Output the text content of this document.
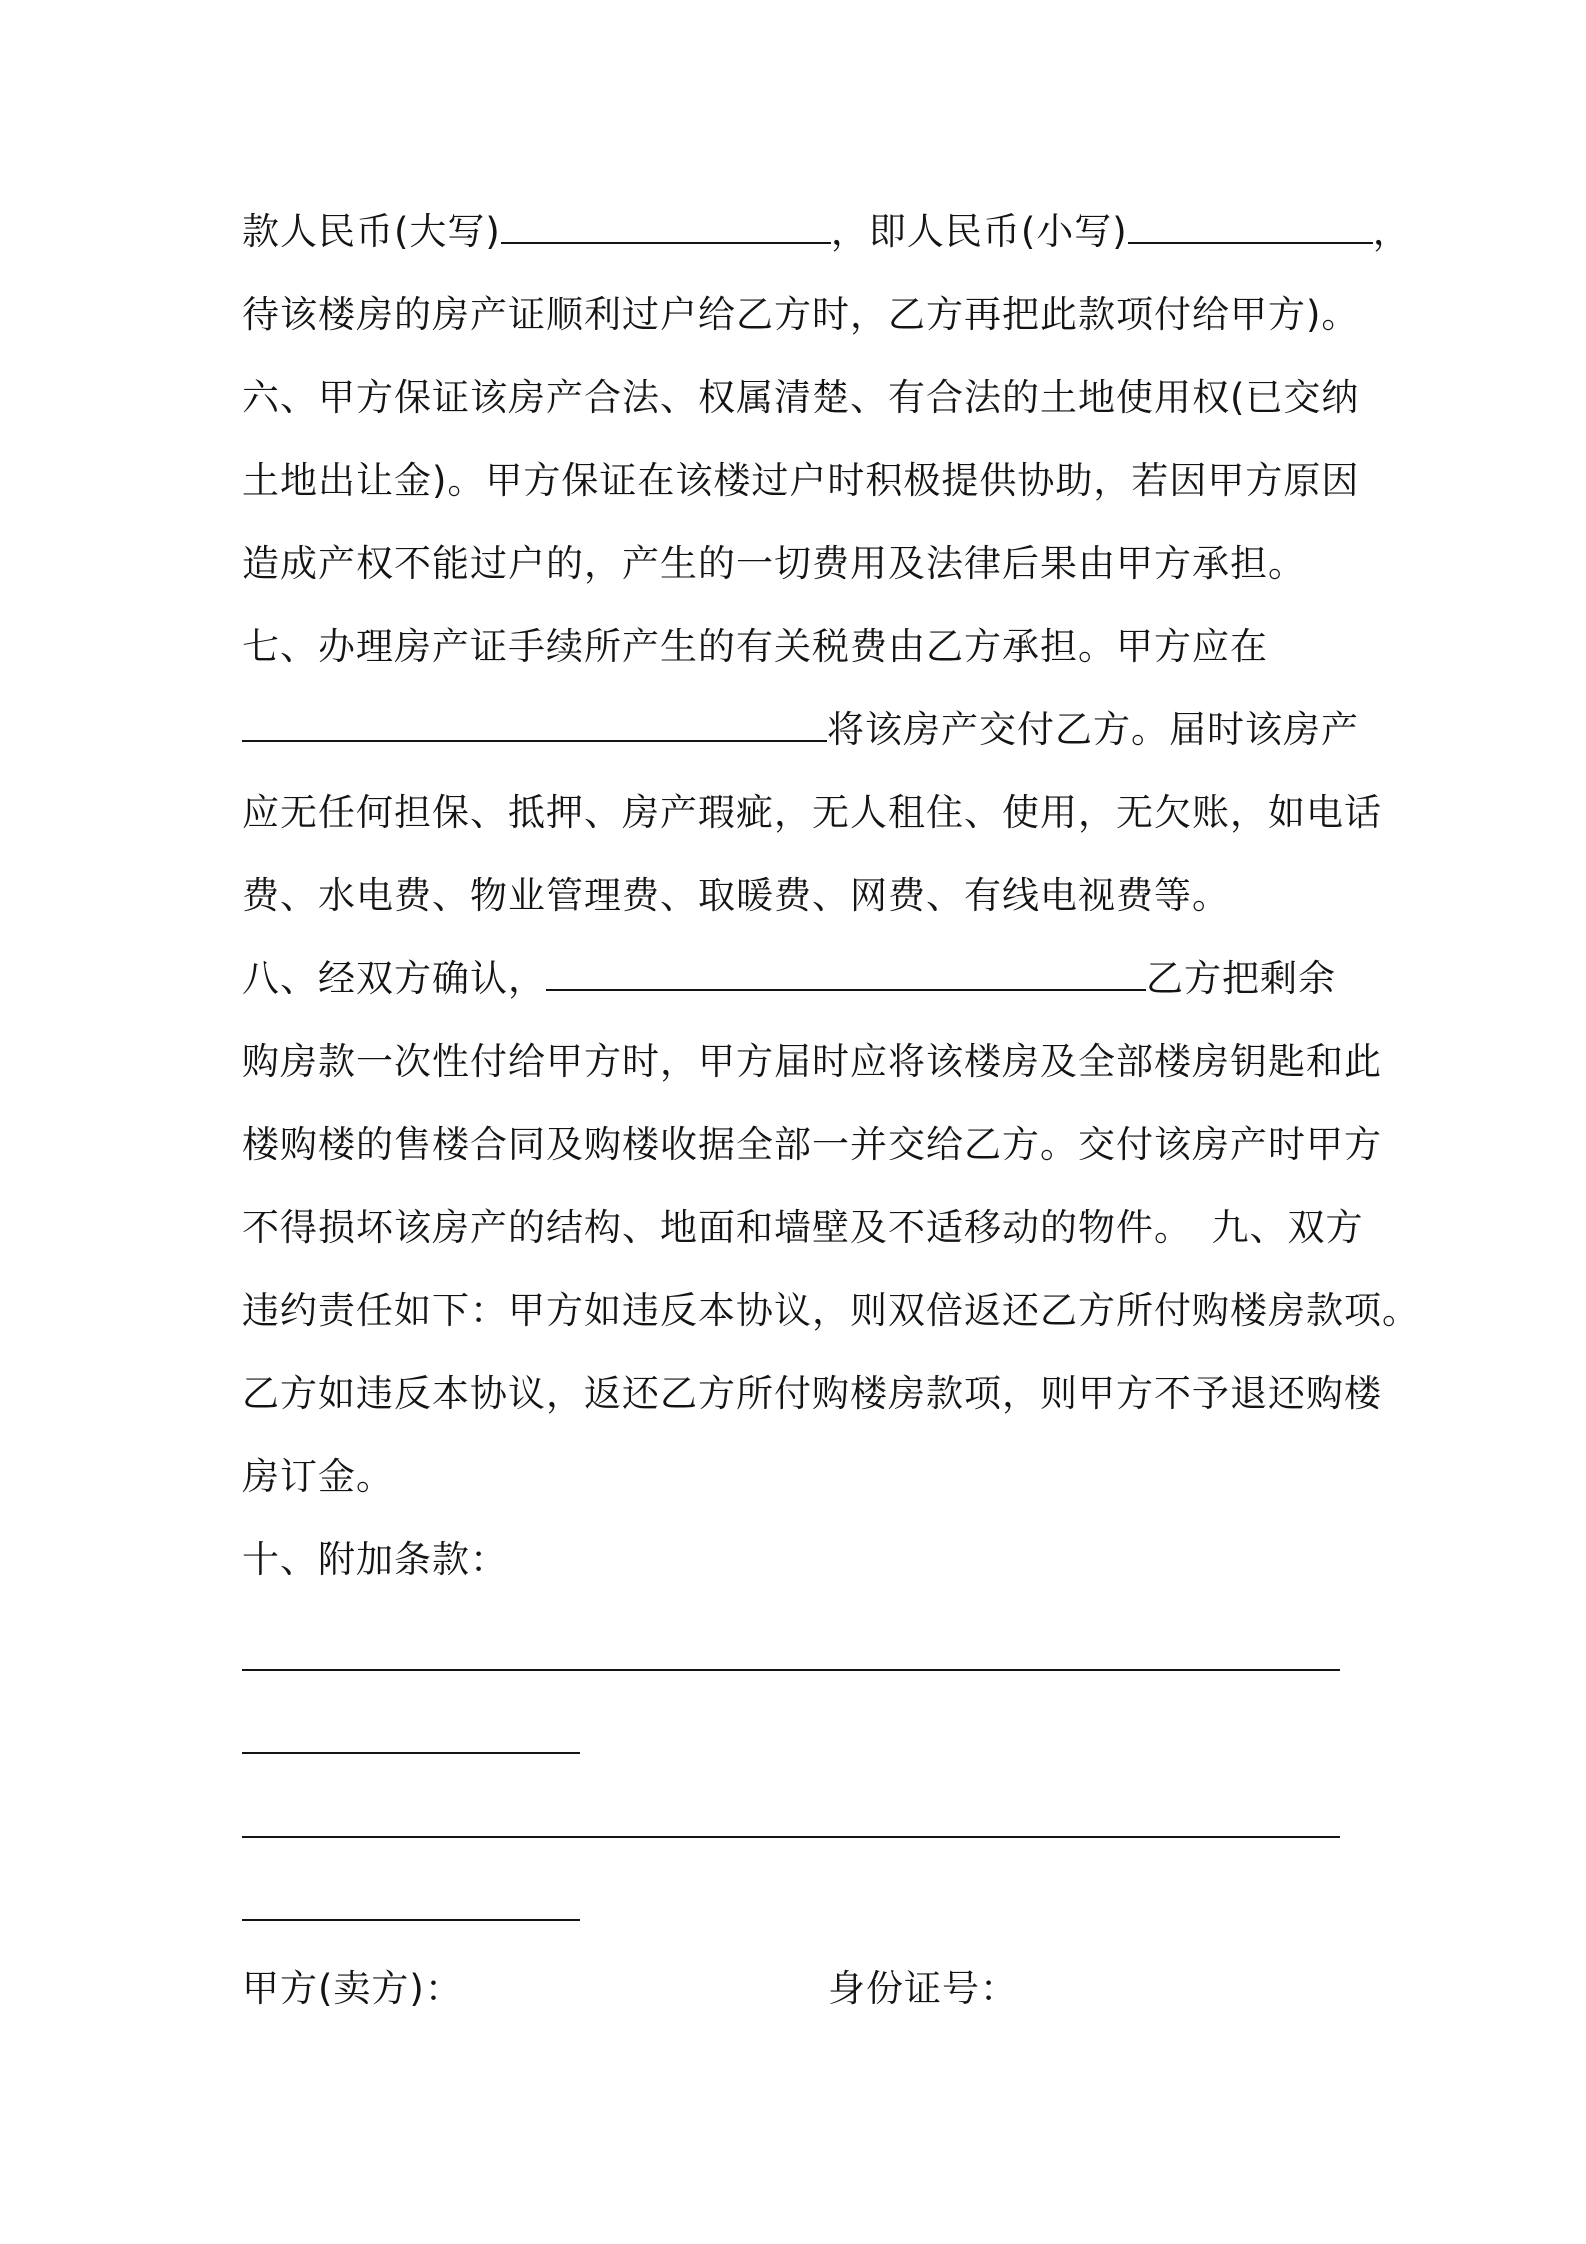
款人民币(大写)	，即人民币(小写)	，
待该楼房的房产证顺利过户给乙方时，乙方再把此款项付给甲方)。
六、甲方保证该房产合法、权属清楚、有合法的土地使用权(已交纳
土地出让金)。甲方保证在该楼过户时积极提供协助，若因甲方原因
造成产权不能过户的，产生的一切费用及法律后果由甲方承担。
七、办理房产证手续所产生的有关税费由乙方承担。甲方应在
将该房产交付乙方。届时该房产
应无任何担保、抵押、房产瑕疵，无人租住、使用，无欠账，如电话
费、水电费、物业管理费、取暖费、网费、有线电视费等。
八、经双方确认，	乙方把剩余
购房款一次性付给甲方时，甲方届时应将该楼房及全部楼房钥匙和此
楼购楼的售楼合同及购楼收据全部一并交给乙方。交付该房产时甲方
不得损坏该房产的结构、地面和墙壁及不适移动的物件。　九、双方
违约责任如下：甲方如违反本协议，则双倍返还乙方所付购楼房款项。
乙方如违反本协议，返还乙方所付购楼房款项，则甲方不予退还购楼
房订金。
十、附加条款：
甲方(卖方)：	身份证号：
